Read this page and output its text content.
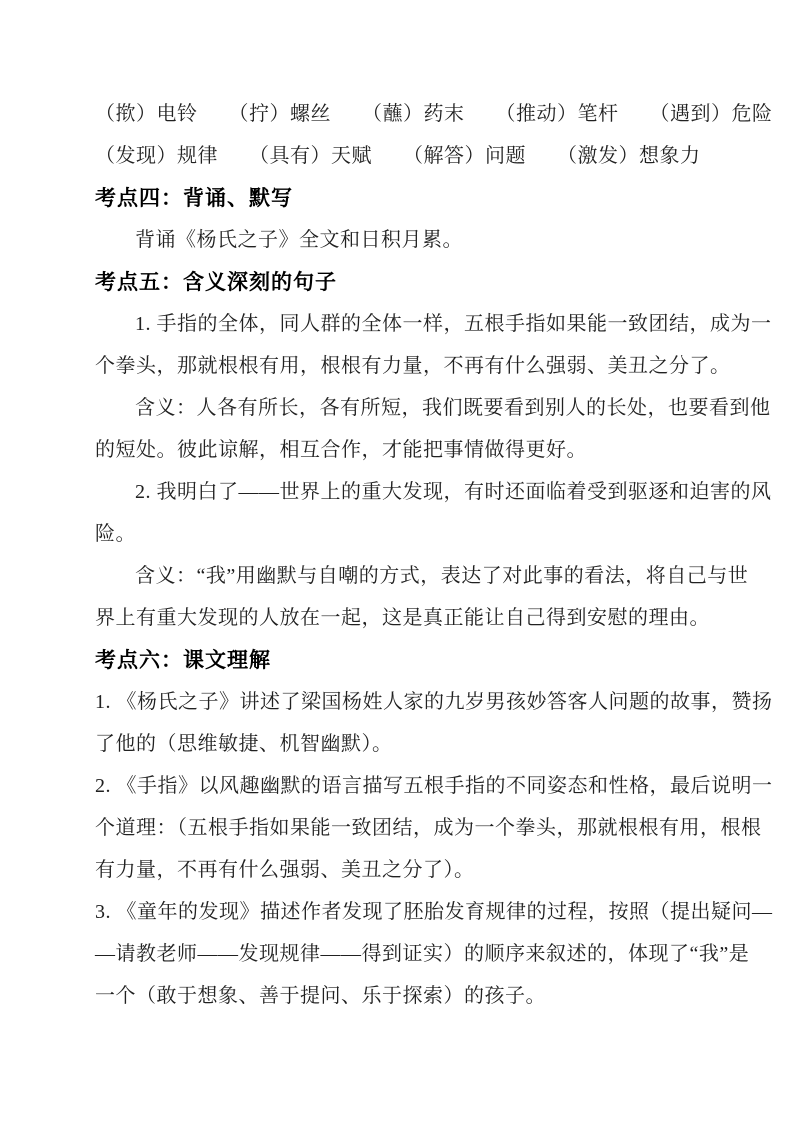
（揿）电铃 （拧）螺丝 （蘸）药末 （推动）笔杆 （遇到）危险
（发现）规律 （具有）天赋 （解答）问题 （激发）想象力
考点四：背诵、默写
背诵《杨氏之子》全文和日积月累。
考点五：含义深刻的句子
1. 手指的全体，同人群的全体一样，五根手指如果能一致团结，成为一
个拳头，那就根根有用，根根有力量，不再有什么强弱、美丑之分了。
含义：人各有所长，各有所短，我们既要看到别人的长处，也要看到他
的短处。彼此谅解，相互合作，才能把事情做得更好。
2. 我明白了——世界上的重大发现，有时还面临着受到驱逐和迫害的风
险。
含义：“我”用幽默与自嘲的方式，表达了对此事的看法，将自己与世
界上有重大发现的人放在一起，这是真正能让自己得到安慰的理由。
考点六：课文理解
1. 《杨氏之子》讲述了梁国杨姓人家的九岁男孩妙答客人问题的故事，赞扬
了他的（思维敏捷、机智幽默）。
2. 《手指》以风趣幽默的语言描写五根手指的不同姿态和性格，最后说明一
个道理：（五根手指如果能一致团结，成为一个拳头，那就根根有用，根根
有力量，不再有什么强弱、美丑之分了）。
3. 《童年的发现》描述作者发现了胚胎发育规律的过程，按照（提出疑问—
—请教老师——发现规律——得到证实）的顺序来叙述的，体现了“我”是
一个（敢于想象、善于提问、乐于探索）的孩子。
